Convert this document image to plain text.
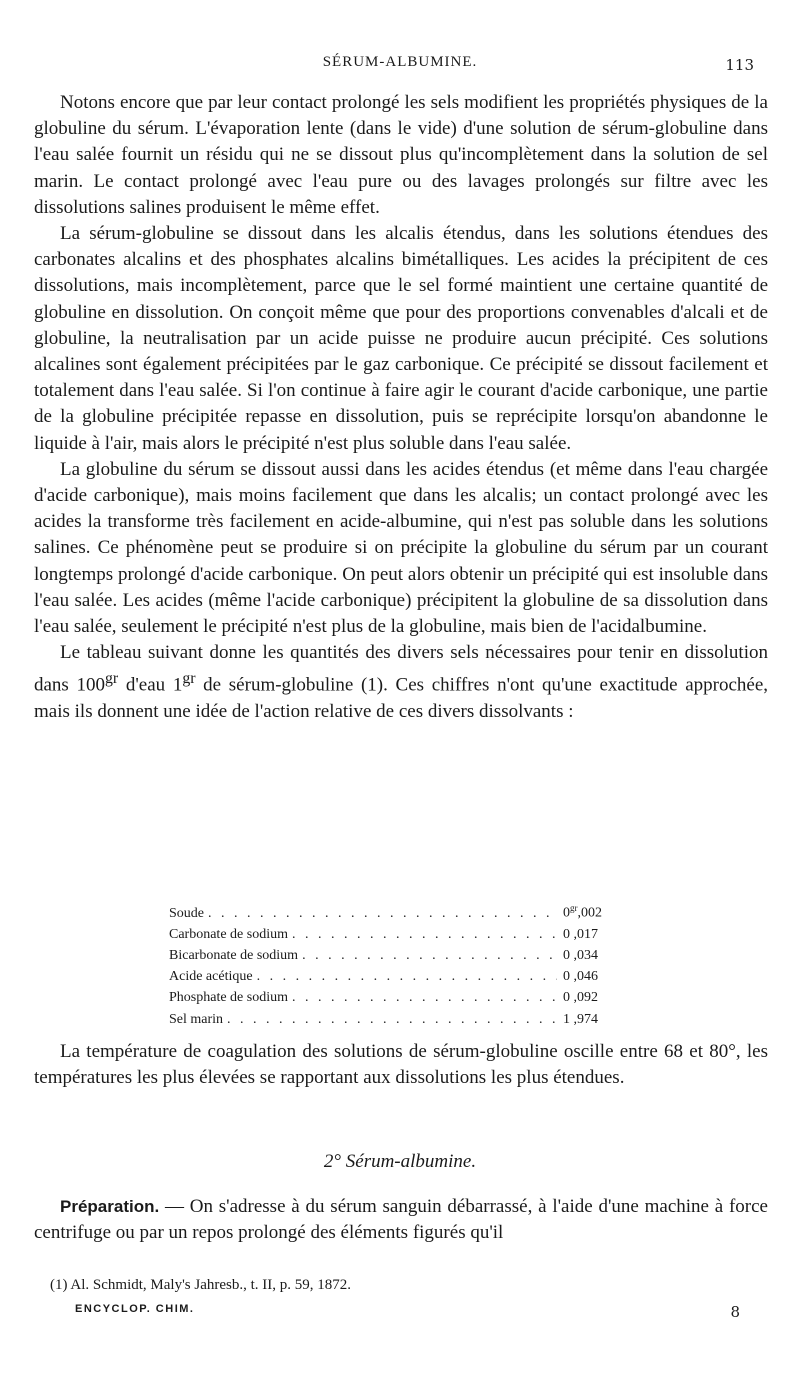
SÉRUM-ALBUMINE.	113

Notons encore que par leur contact prolongé les sels modifient les propriétés physiques de la globuline du sérum. L'évaporation lente (dans le vide) d'une solution de sérum-globuline dans l'eau salée fournit un résidu qui ne se dissout plus qu'incomplètement dans la solution de sel marin. Le contact prolongé avec l'eau pure ou des lavages prolongés sur filtre avec les dissolutions salines produisent le même effet.

La sérum-globuline se dissout dans les alcalis étendus, dans les solutions étendues des carbonates alcalins et des phosphates alcalins bimétalliques. Les acides la précipitent de ces dissolutions, mais incomplètement, parce que le sel formé maintient une certaine quantité de globuline en dissolution. On conçoit même que pour des proportions convenables d'alcali et de globuline, la neutralisation par un acide puisse ne produire aucun précipité. Ces solutions alcalines sont également précipitées par le gaz carbonique. Ce précipité se dissout facilement et totalement dans l'eau salée. Si l'on continue à faire agir le courant d'acide carbonique, une partie de la globuline précipitée repasse en dissolution, puis se reprécipite lorsqu'on abandonne le liquide à l'air, mais alors le précipité n'est plus soluble dans l'eau salée.

La globuline du sérum se dissout aussi dans les acides étendus (et même dans l'eau chargée d'acide carbonique), mais moins facilement que dans les alcalis; un contact prolongé avec les acides la transforme très facilement en acide-albumine, qui n'est pas soluble dans les solutions salines. Ce phénomène peut se produire si on précipite la globuline du sérum par un courant longtemps prolongé d'acide carbonique. On peut alors obtenir un précipité qui est insoluble dans l'eau salée. Les acides (même l'acide carbonique) précipitent la globuline de sa dissolution dans l'eau salée, seulement le précipité n'est plus de la globuline, mais bien de l'acidalbumine.

Le tableau suivant donne les quantités des divers sels nécessaires pour tenir en dissolution dans $100^{gr}$ d'eau $1^{gr}$ de sérum-globuline (1). Ces chiffres n'ont qu'une exactitude approchée, mais ils donnent une idée de l'action relative de ces divers dissolvants :

Soude . . .	$0^{gr},002$
Carbonate de sodium . . .	0 ,017
Bicarbonate de sodium . . .	0 ,034
Acide acétique . . .	0 ,046
Phosphate de sodium . . .	0 ,092
Sel marin . . .	1 ,974

La température de coagulation des solutions de sérum-globuline oscille entre 68 et 80°, les températures les plus élevées se rapportant aux dissolutions les plus étendues.

2° Sérum-albumine.

Préparation. — On s'adresse à du sérum sanguin débarrassé, à l'aide d'une machine à force centrifuge ou par un repos prolongé des éléments figurés qu'il

(1) Al. Schmidt, Maly's Jahresb., t. II, p. 59, 1872.
ENCYCLOP. CHIM.	8
